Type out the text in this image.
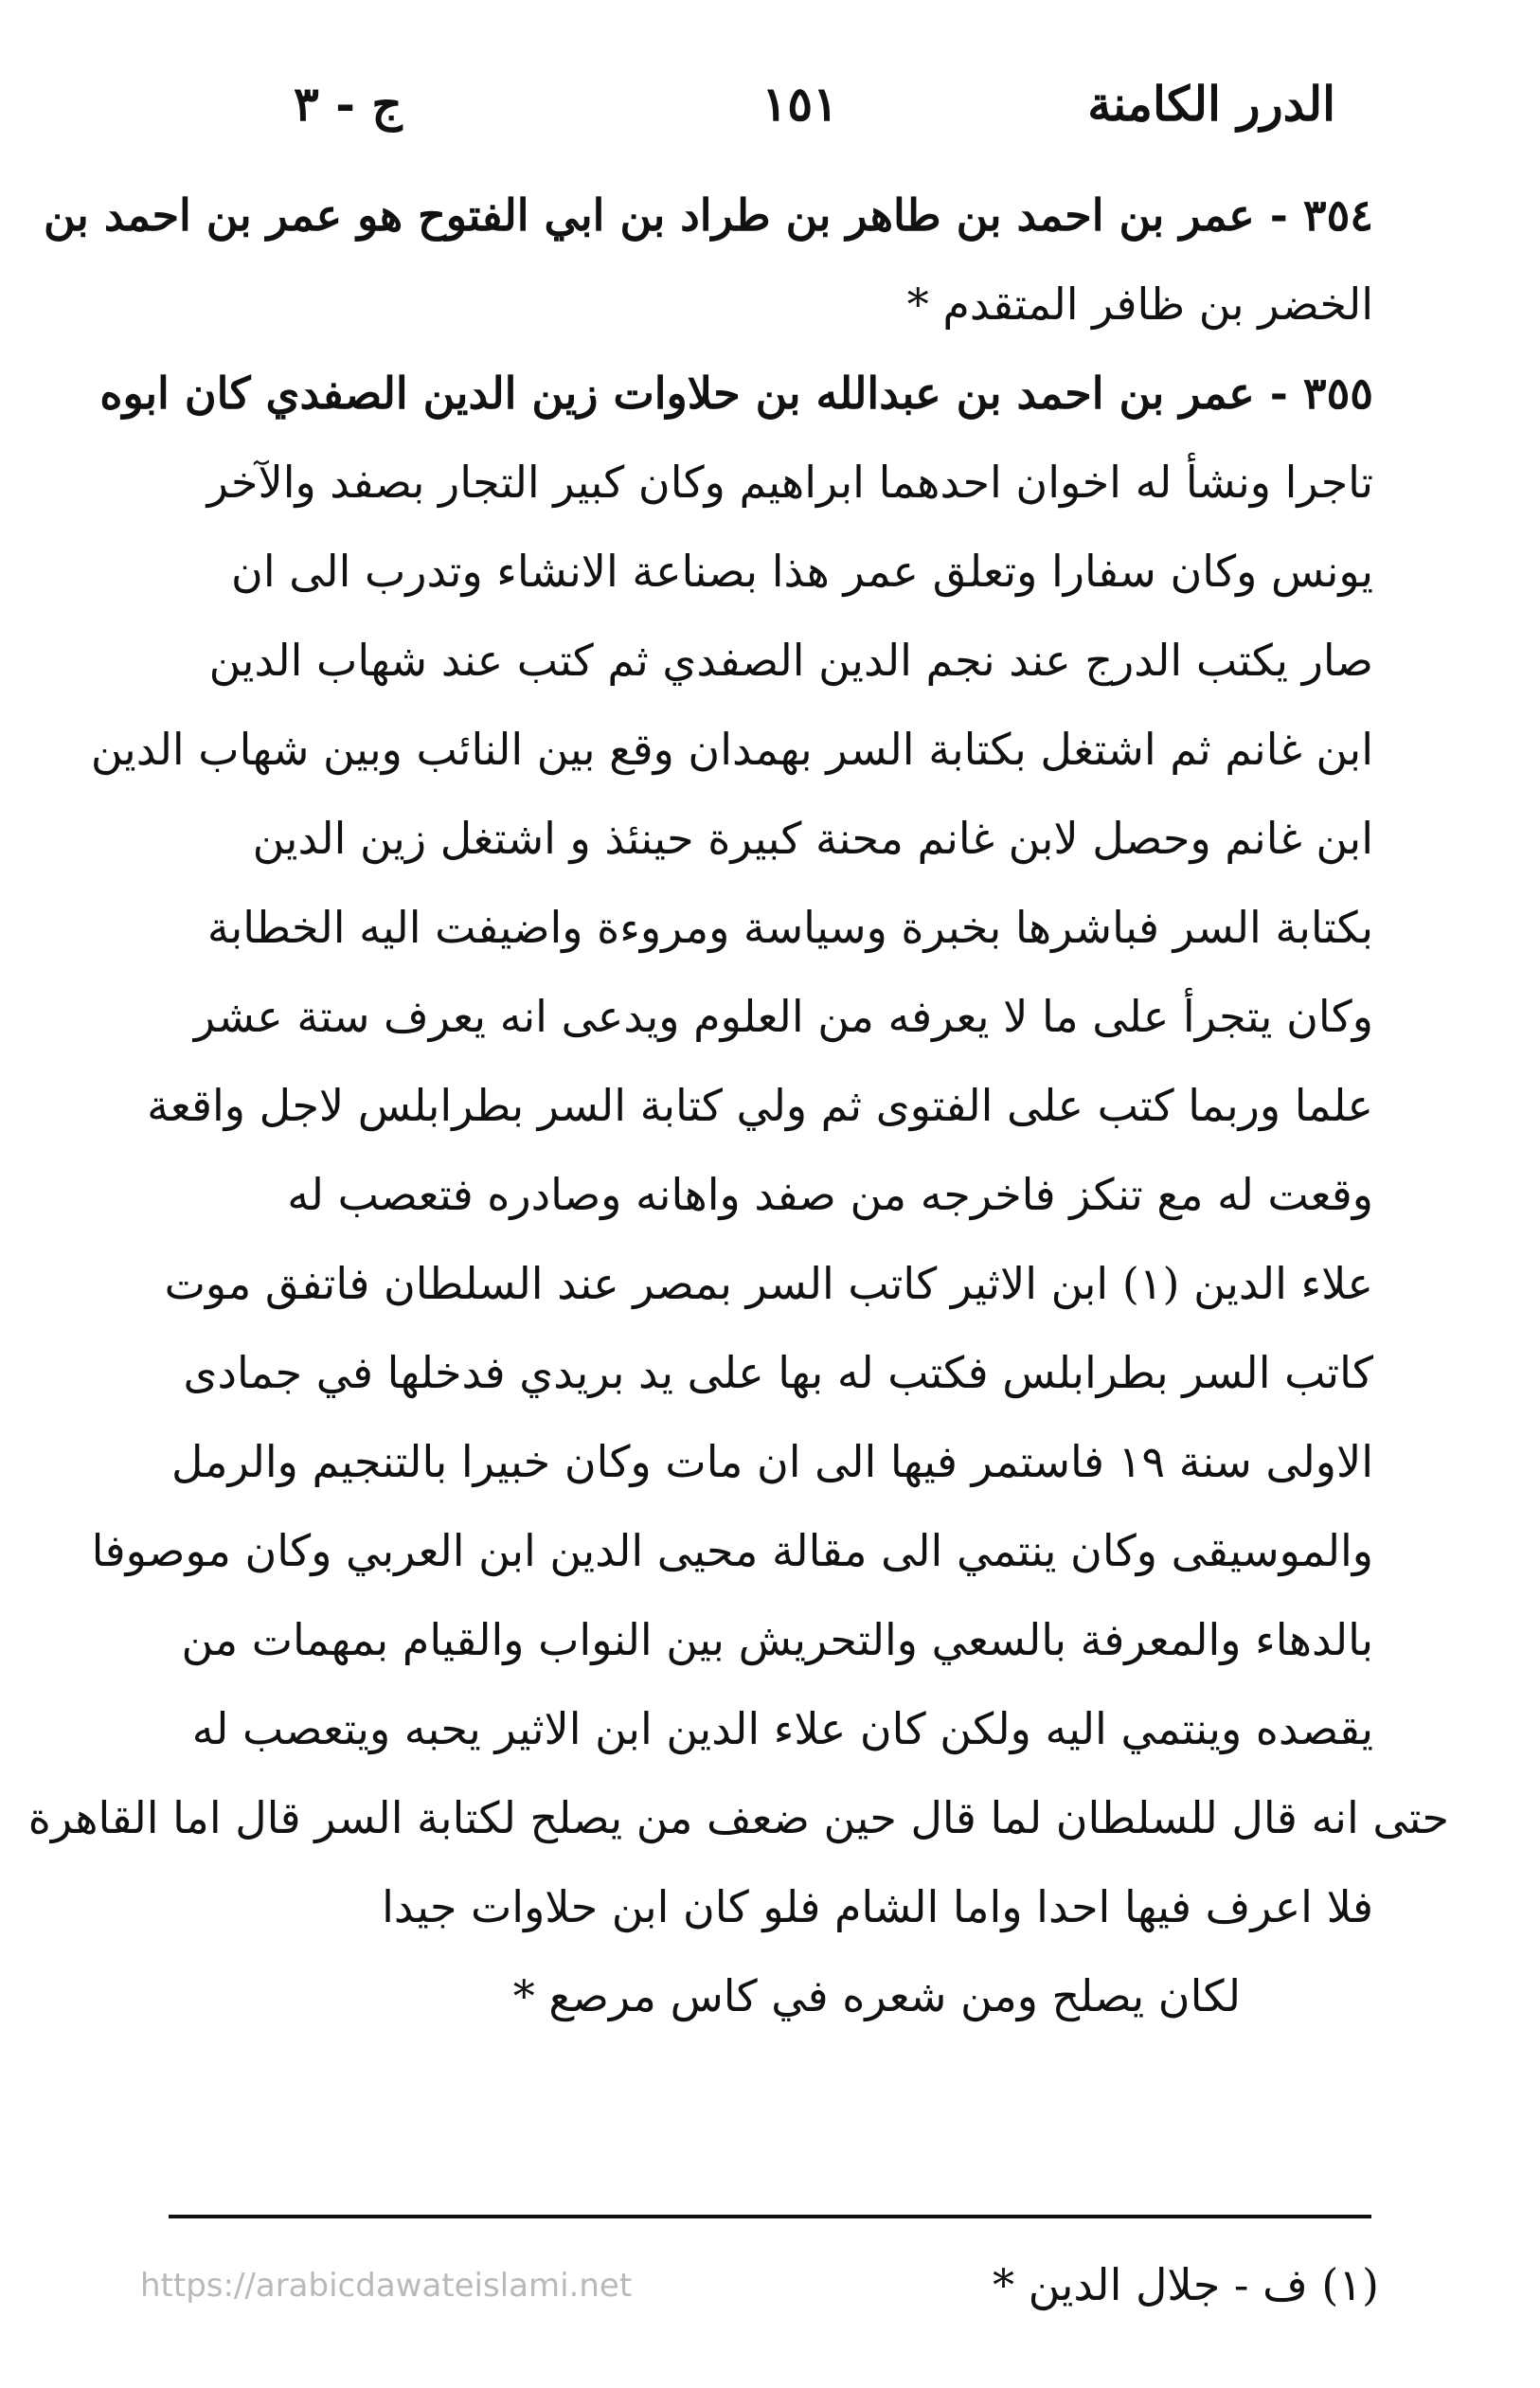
الدرر الكامنة
١٥١
ج - ٣
٣٥٤ - عمر بن احمد بن طاهر بن طراد بن ابي الفتوح هو عمر بن احمد بن
الخضر بن ظافر المتقدم *
٣٥٥ - عمر بن احمد بن عبدالله بن حلاوات زين الدين الصفدي كان ابوه
تاجرا ونشأ له اخوان احدهما ابراهيم وكان كبير التجار بصفد والآخر
يونس وكان سفارا وتعلق عمر هذا بصناعة الانشاء وتدرب الى ان
صار يكتب الدرج عند نجم الدين الصفدي ثم كتب عند شهاب الدين
ابن غانم ثم اشتغل بكتابة السر بهمدان وقع بين النائب وبين شهاب الدين
ابن غانم وحصل لابن غانم محنة كبيرة حينئذ و اشتغل زين الدين
بكتابة السر فباشرها بخبرة وسياسة ومروءة واضيفت اليه الخطابة
وكان يتجرأ على ما لا يعرفه من العلوم ويدعى انه يعرف ستة عشر
علما وربما كتب على الفتوى ثم ولي كتابة السر بطرابلس لاجل واقعة
وقعت له مع تنكز فاخرجه من صفد واهانه وصادره فتعصب له
علاء الدين (١) ابن الاثير كاتب السر بمصر عند السلطان فاتفق موت
كاتب السر بطرابلس فكتب له بها على يد بريدي فدخلها في جمادى
الاولى سنة ١٩ فاستمر فيها الى ان مات وكان خبيرا بالتنجيم والرمل
والموسيقى وكان ينتمي الى مقالة محيى الدين ابن العربي وكان موصوفا
بالدهاء والمعرفة بالسعي والتحريش بين النواب والقيام بمهمات من
يقصده وينتمي اليه ولكن كان علاء الدين ابن الاثير يحبه ويتعصب له
حتى انه قال للسلطان لما قال حين ضعف من يصلح لكتابة السر قال اما القاهرة
فلا اعرف فيها احدا واما الشام فلو كان ابن حلاوات جيدا
لكان يصلح ومن شعره في كاس مرصع *
https://arabicdawateislami.net	(١) ف - جلال الدين *
